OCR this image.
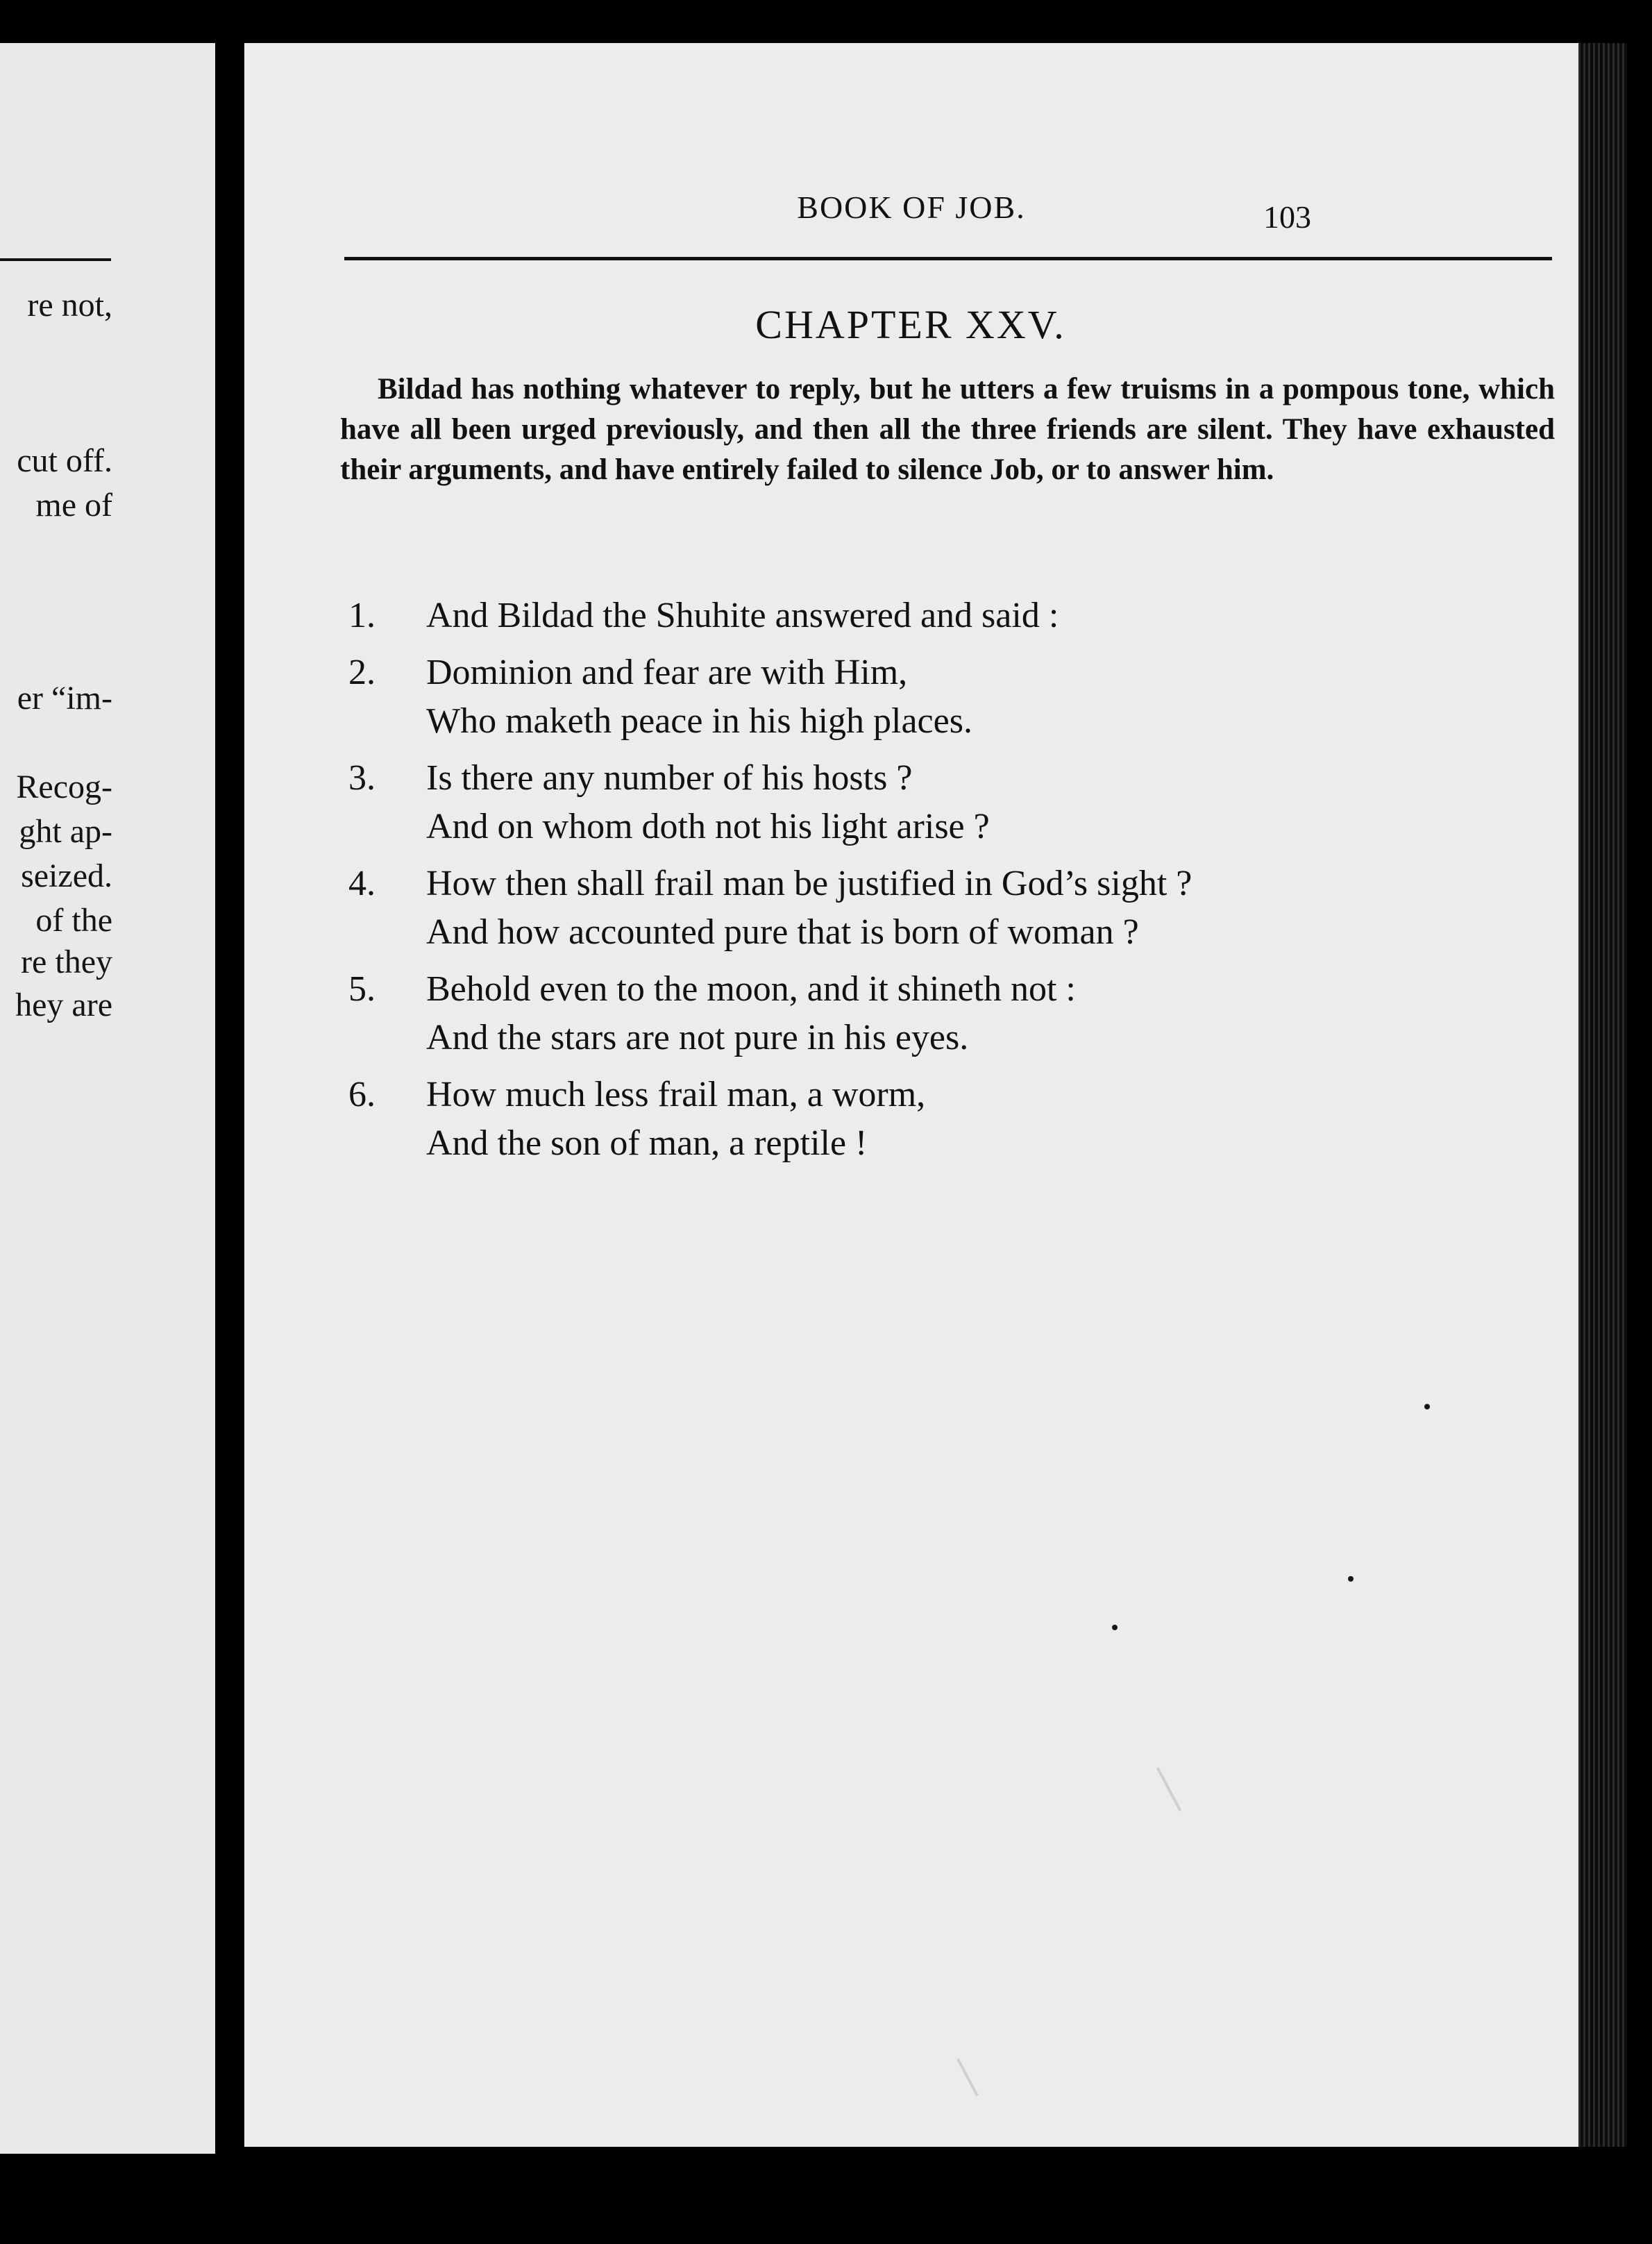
re not,
cut off.
me of
er “im-
Recog-
ght ap-
seized.
of the
re they
hey are
BOOK OF JOB.	103
CHAPTER XXV.

Bildad has nothing whatever to reply, but he utters a few truisms in a pompous tone, which have all been urged previously, and then all the three friends are silent. They have exhausted their arguments, and have entirely failed to silence Job, or to answer him.

1.	And Bildad the Shuhite answered and said :
2.	Dominion and fear are with Him,
Who maketh peace in his high places.
3.	Is there any number of his hosts ?
And on whom doth not his light arise ?
4.	How then shall frail man be justified in God’s sight ?
And how accounted pure that is born of woman ?
5.	Behold even to the moon, and it shineth not :
And the stars are not pure in his eyes.
6.	How much less frail man, a worm,
And the son of man, a reptile !
